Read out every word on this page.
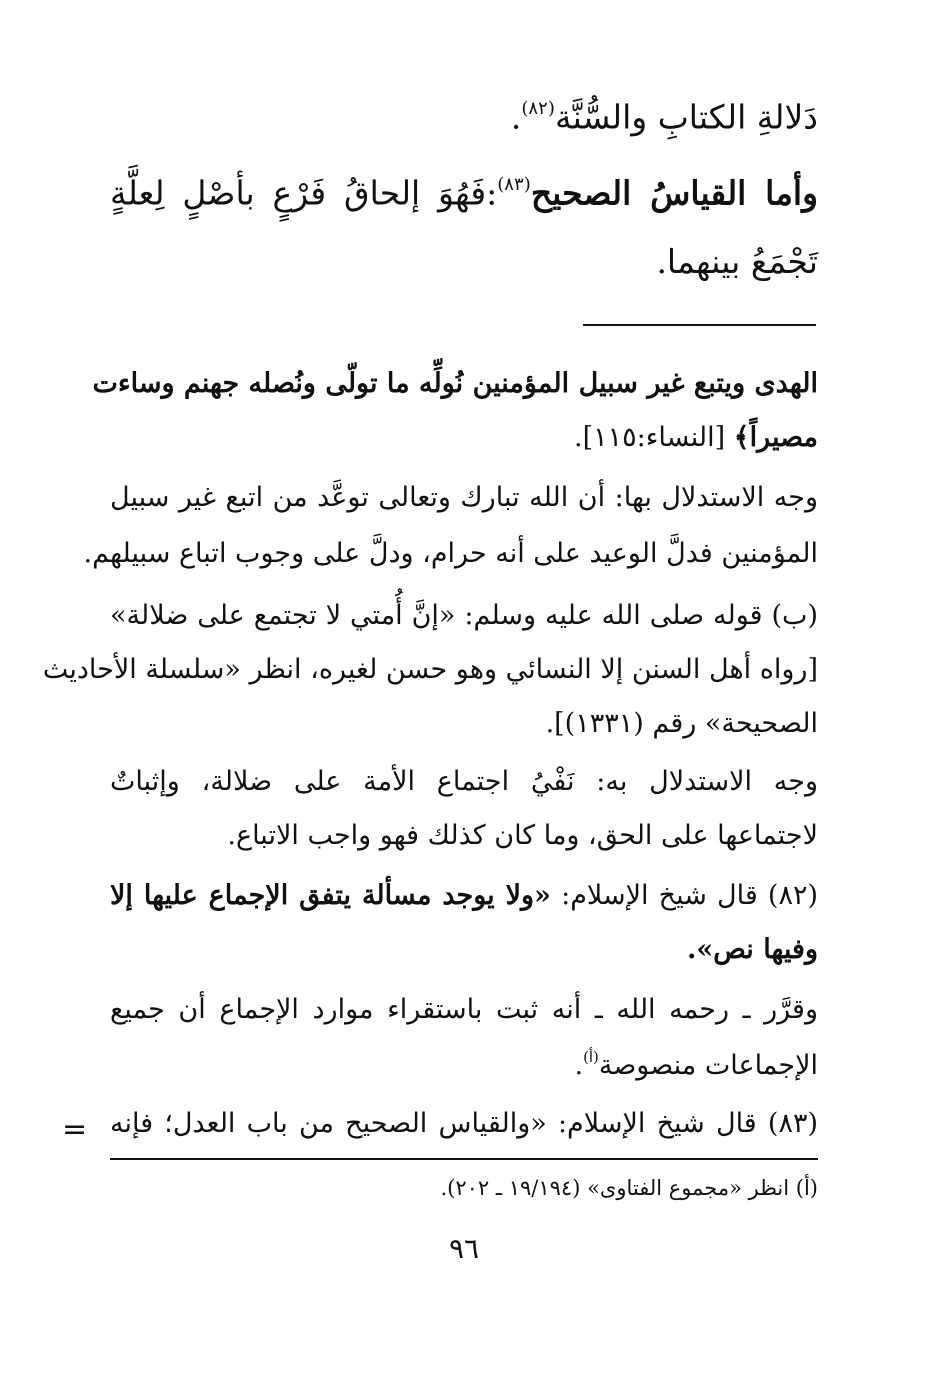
دَلالةِ الكتابِ والسُّنَّة$^{(٨٢)}$.
وأما القياسُ الصحيح$^{(٨٣)}$:فَهُوَ إلحاقُ فَرْعٍ بأصْلٍ لِعلَّةٍ
تَجْمَعُ بينهما.
الهدى ويتبع غير سبيل المؤمنين نُولِّه ما تولّى ونُصله جهنم وساءت
مصيراً﴾ [النساء:١١٥].
وجه الاستدلال بها: أن الله تبارك وتعالى توعَّد من اتبع غير سبيل
المؤمنين فدلَّ الوعيد على أنه حرام، ودلَّ على وجوب اتباع سبيلهم.
(ب) قوله صلى الله عليه وسلم: «إنَّ أُمتي لا تجتمع على ضلالة»
[رواه أهل السنن إلا النسائي وهو حسن لغيره، انظر «سلسلة الأحاديث
الصحيحة» رقم (١٣٣١)].
وجه الاستدلال به: نَفْيُ اجتماع الأمة على ضلالة، وإثباتٌ
لاجتماعها على الحق، وما كان كذلك فهو واجب الاتباع.
(٨٢) قال شيخ الإسلام: «ولا يوجد مسألة يتفق الإجماع عليها إلا
وفيها نص».
وقرَّر ـ رحمه الله ـ أنه ثبت باستقراء موارد الإجماع أن جميع
الإجماعات منصوصة$^{(أ)}$.
(٨٣) قال شيخ الإسلام: «والقياس الصحيح من باب العدل؛ فإنه
=
(أ) انظر «مجموع الفتاوى» (١٩/١٩٤ ـ ٢٠٢).
٩٦
